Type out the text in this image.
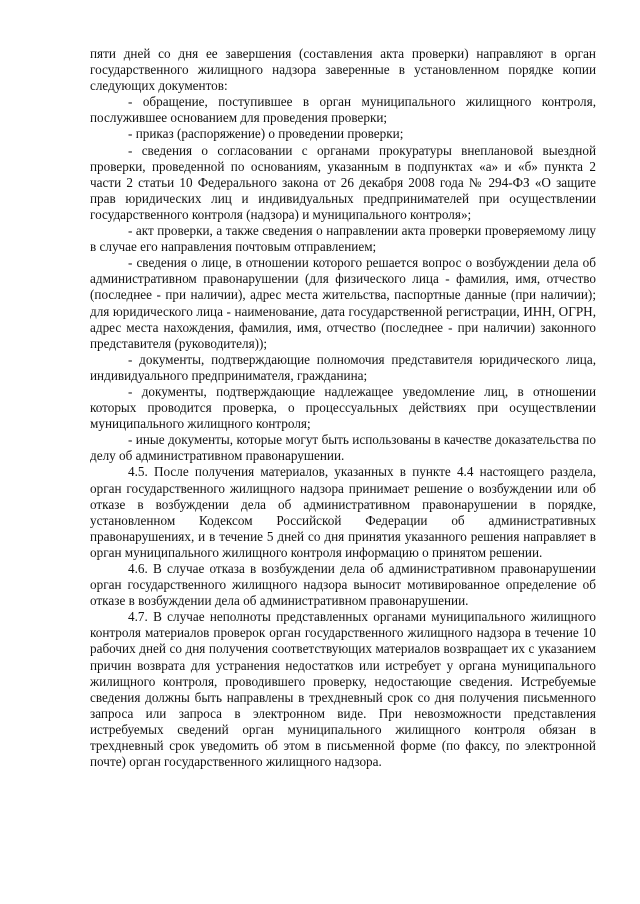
пяти дней со дня ее завершения (составления акта проверки) направляют в орган государственного жилищного надзора заверенные в установленном порядке копии следующих документов:

- обращение, поступившее в орган муниципального жилищного контроля, послужившее основанием для проведения проверки;

- приказ (распоряжение) о проведении проверки;

- сведения о согласовании с органами прокуратуры внеплановой выездной проверки, проведенной по основаниям, указанным в подпунктах «а» и «б» пункта 2 части 2 статьи 10 Федерального закона от 26 декабря 2008 года № 294-ФЗ «О защите прав юридических лиц и индивидуальных предпринимателей при осуществлении государственного контроля (надзора) и муниципального контроля»;

- акт проверки, а также сведения о направлении акта проверки проверяемому лицу в случае его направления почтовым отправлением;

- сведения о лице, в отношении которого решается вопрос о возбуждении дела об административном правонарушении (для физического лица - фамилия, имя, отчество (последнее - при наличии), адрес места жительства, паспортные данные (при наличии); для юридического лица - наименование, дата государственной регистрации, ИНН, ОГРН, адрес места нахождения, фамилия, имя, отчество (последнее - при наличии) законного представителя (руководителя));

- документы, подтверждающие полномочия представителя юридического лица, индивидуального предпринимателя, гражданина;

- документы, подтверждающие надлежащее уведомление лиц, в отношении которых проводится проверка, о процессуальных действиях при осуществлении муниципального жилищного контроля;

- иные документы, которые могут быть использованы в качестве доказательства по делу об административном правонарушении.

4.5. После получения материалов, указанных в пункте 4.4 настоящего раздела, орган государственного жилищного надзора принимает решение о возбуждении или об отказе в возбуждении дела об административном правонарушении в порядке, установленном Кодексом Российской Федерации об административных правонарушениях, и в течение 5 дней со дня принятия указанного решения направляет в орган муниципального жилищного контроля информацию о принятом решении.

4.6. В случае отказа в возбуждении дела об административном правонарушении орган государственного жилищного надзора выносит мотивированное определение об отказе в возбуждении дела об административном правонарушении.

4.7. В случае неполноты представленных органами муниципального жилищного контроля материалов проверок орган государственного жилищного надзора в течение 10 рабочих дней со дня получения соответствующих материалов возвращает их с указанием причин возврата для устранения недостатков или истребует у органа муниципального жилищного контроля, проводившего проверку, недостающие сведения. Истребуемые сведения должны быть направлены в трехдневный срок со дня получения письменного запроса или запроса в электронном виде. При невозможности представления истребуемых сведений орган муниципального жилищного контроля обязан в трехдневный срок уведомить об этом в письменной форме (по факсу, по электронной почте) орган государственного жилищного надзора.
